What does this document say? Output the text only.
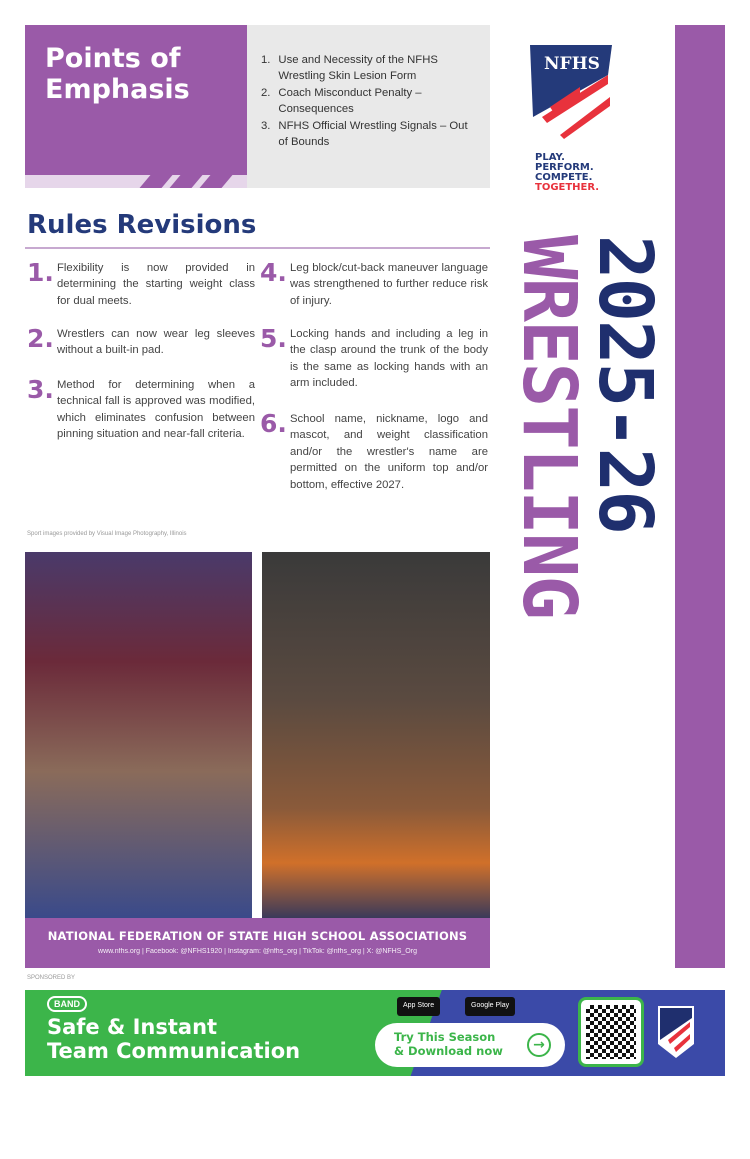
Points of Emphasis
1. Use and Necessity of the NFHS Wrestling Skin Lesion Form
2. Coach Misconduct Penalty – Consequences
3. NFHS Official Wrestling Signals – Out of Bounds
Rules Revisions
1. Flexibility is now provided in determining the starting weight class for dual meets.
2. Wrestlers can now wear leg sleeves without a built-in pad.
3. Method for determining when a technical fall is approved was modified, which eliminates confusion between pinning situation and near-fall criteria.
4. Leg block/cut-back maneuver language was strengthened to further reduce risk of injury.
5. Locking hands and including a leg in the clasp around the trunk of the body is the same as locking hands with an arm included.
6. School name, nickname, logo and mascot, and weight classification and/or the wrestler's name are permitted on the uniform top and/or bottom, effective 2027.
Sport images provided by Visual Image Photography, Illinois
NATIONAL FEDERATION OF STATE HIGH SCHOOL ASSOCIATIONS
www.nfhs.org | Facebook: @NFHS1920 | Instagram: @nfhs_org | TikTok: @nfhs_org | X: @NFHS_Org
SPONSORED BY
BAND
Safe & Instant
Team Communication
App Store	Google Play
Try This Season
& Download now	→
NFHS
PLAY.
PERFORM.
COMPETE.
TOGETHER.
2025-26
WRESTLING
